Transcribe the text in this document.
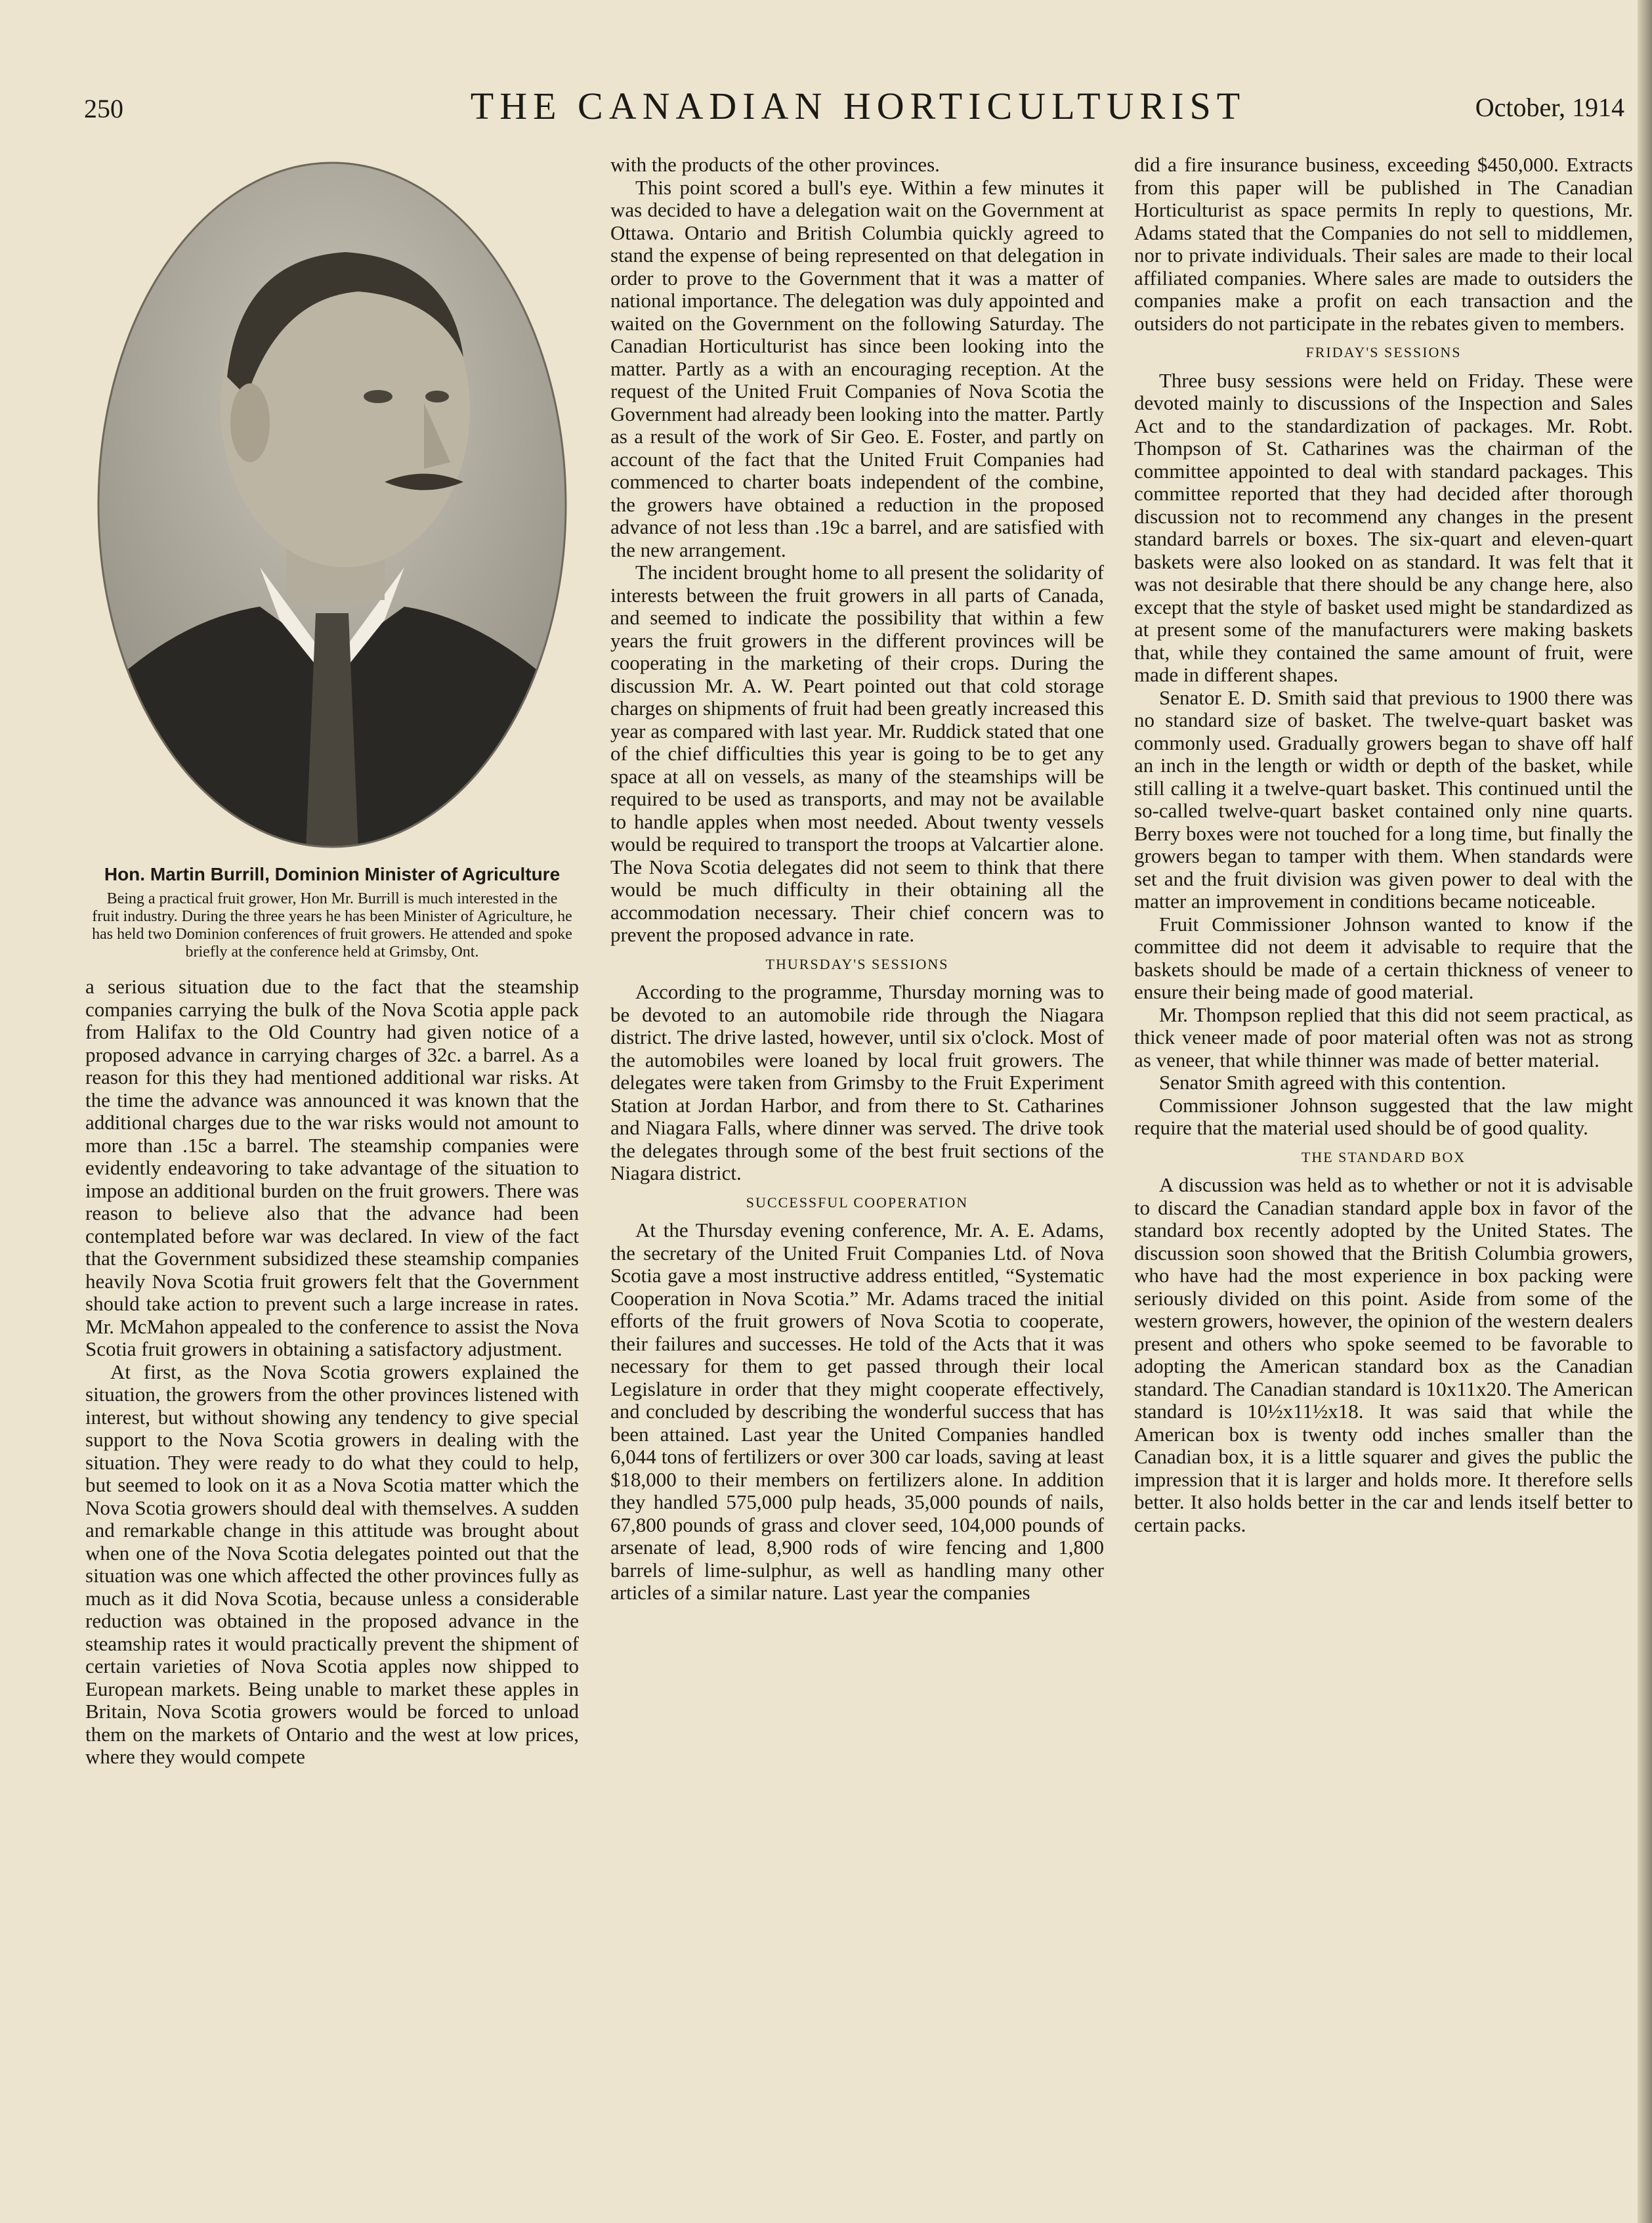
250	THE CANADIAN HORTICULTURIST	October, 1914
Hon. Martin Burrill, Dominion Minister of Agriculture
Being a practical fruit grower, Hon Mr. Burrill is much interested in the fruit industry. During the three years he has been Minister of Agriculture, he has held two Dominion conferences of fruit growers. He attended and spoke briefly at the conference held at Grimsby, Ont.

a serious situation due to the fact that the steamship companies carrying the bulk of the Nova Scotia apple pack from Halifax to the Old Country had given notice of a proposed advance in carrying charges of 32c. a barrel. As a reason for this they had mentioned additional war risks. At the time the advance was announced it was known that the additional charges due to the war risks would not amount to more than .15c a barrel. The steamship companies were evidently endeavoring to take advantage of the situation to impose an additional burden on the fruit growers. There was reason to believe also that the advance had been contemplated before war was declared. In view of the fact that the Government subsidized these steamship companies heavily Nova Scotia fruit growers felt that the Government should take action to prevent such a large increase in rates. Mr. McMahon appealed to the conference to assist the Nova Scotia fruit growers in obtaining a satisfactory adjustment.

At first, as the Nova Scotia growers explained the situation, the growers from the other provinces listened with interest, but without showing any tendency to give special support to the Nova Scotia growers in dealing with the situation. They were ready to do what they could to help, but seemed to look on it as a Nova Scotia matter which the Nova Scotia growers should deal with themselves. A sudden and remarkable change in this attitude was brought about when one of the Nova Scotia delegates pointed out that the situation was one which affected the other provinces fully as much as it did Nova Scotia, because unless a considerable reduction was obtained in the proposed advance in the steamship rates it would practically prevent the shipment of certain varieties of Nova Scotia apples now shipped to European markets. Being unable to market these apples in Britain, Nova Scotia growers would be forced to unload them on the markets of Ontario and the west at low prices, where they would compete

with the products of the other provinces.

This point scored a bull's eye. Within a few minutes it was decided to have a delegation wait on the Government at Ottawa. Ontario and British Columbia quickly agreed to stand the expense of being represented on that delegation in order to prove to the Government that it was a matter of national importance. The delegation was duly appointed and waited on the Government on the following Saturday. The Canadian Horticulturist has since been looking into the matter. Partly as a with an encouraging reception. At the request of the United Fruit Companies of Nova Scotia the Government had already been looking into the matter. Partly as a result of the work of Sir Geo. E. Foster, and partly on account of the fact that the United Fruit Companies had commenced to charter boats independent of the combine, the growers have obtained a reduction in the proposed advance of not less than .19c a barrel, and are satisfied with the new arrangement.

The incident brought home to all present the solidarity of interests between the fruit growers in all parts of Canada, and seemed to indicate the possibility that within a few years the fruit growers in the different provinces will be cooperating in the marketing of their crops. During the discussion Mr. A. W. Peart pointed out that cold storage charges on shipments of fruit had been greatly increased this year as compared with last year. Mr. Ruddick stated that one of the chief difficulties this year is going to be to get any space at all on vessels, as many of the steamships will be required to be used as transports, and may not be available to handle apples when most needed. About twenty vessels would be required to transport the troops at Valcartier alone. The Nova Scotia delegates did not seem to think that there would be much difficulty in their obtaining all the accommodation necessary. Their chief concern was to prevent the proposed advance in rate.

THURSDAY'S SESSIONS

According to the programme, Thursday morning was to be devoted to an automobile ride through the Niagara district. The drive lasted, however, until six o'clock. Most of the automobiles were loaned by local fruit growers. The delegates were taken from Grimsby to the Fruit Experiment Station at Jordan Harbor, and from there to St. Catharines and Niagara Falls, where dinner was served. The drive took the delegates through some of the best fruit sections of the Niagara district.

SUCCESSFUL COOPERATION

At the Thursday evening conference, Mr. A. E. Adams, the secretary of the United Fruit Companies Ltd. of Nova Scotia gave a most instructive address entitled, “Systematic Cooperation in Nova Scotia.” Mr. Adams traced the initial efforts of the fruit growers of Nova Scotia to cooperate, their failures and successes. He told of the Acts that it was necessary for them to get passed through their local Legislature in order that they might cooperate effectively, and concluded by describing the wonderful success that has been attained. Last year the United Companies handled 6,044 tons of fertilizers or over 300 car loads, saving at least $18,000 to their members on fertilizers alone. In addition they handled 575,000 pulp heads, 35,000 pounds of nails, 67,800 pounds of grass and clover seed, 104,000 pounds of arsenate of lead, 8,900 rods of wire fencing and 1,800 barrels of lime-sulphur, as well as handling many other articles of a similar nature. Last year the companies

did a fire insurance business, exceeding $450,000. Extracts from this paper will be published in The Canadian Horticulturist as space permits In reply to questions, Mr. Adams stated that the Companies do not sell to middlemen, nor to private individuals. Their sales are made to their local affiliated companies. Where sales are made to outsiders the companies make a profit on each transaction and the outsiders do not participate in the rebates given to members.

FRIDAY'S SESSIONS

Three busy sessions were held on Friday. These were devoted mainly to discussions of the Inspection and Sales Act and to the standardization of packages. Mr. Robt. Thompson of St. Catharines was the chairman of the committee appointed to deal with standard packages. This committee reported that they had decided after thorough discussion not to recommend any changes in the present standard barrels or boxes. The six-quart and eleven-quart baskets were also looked on as standard. It was felt that it was not desirable that there should be any change here, also except that the style of basket used might be standardized as at present some of the manufacturers were making baskets that, while they contained the same amount of fruit, were made in different shapes.

Senator E. D. Smith said that previous to 1900 there was no standard size of basket. The twelve-quart basket was commonly used. Gradually growers began to shave off half an inch in the length or width or depth of the basket, while still calling it a twelve-quart basket. This continued until the so-called twelve-quart basket contained only nine quarts. Berry boxes were not touched for a long time, but finally the growers began to tamper with them. When standards were set and the fruit division was given power to deal with the matter an improvement in conditions became noticeable.

Fruit Commissioner Johnson wanted to know if the committee did not deem it advisable to require that the baskets should be made of a certain thickness of veneer to ensure their being made of good material.

Mr. Thompson replied that this did not seem practical, as thick veneer made of poor material often was not as strong as veneer, that while thinner was made of better material.

Senator Smith agreed with this contention.

Commissioner Johnson suggested that the law might require that the material used should be of good quality.

THE STANDARD BOX

A discussion was held as to whether or not it is advisable to discard the Canadian standard apple box in favor of the standard box recently adopted by the United States. The discussion soon showed that the British Columbia growers, who have had the most experience in box packing were seriously divided on this point. Aside from some of the western growers, however, the opinion of the western dealers present and others who spoke seemed to be favorable to adopting the American standard box as the Canadian standard. The Canadian standard is 10x11x20. The American standard is 10½x11½x18. It was said that while the American box is twenty odd inches smaller than the Canadian box, it is a little squarer and gives the public the impression that it is larger and holds more. It therefore sells better. It also holds better in the car and lends itself better to certain packs.
